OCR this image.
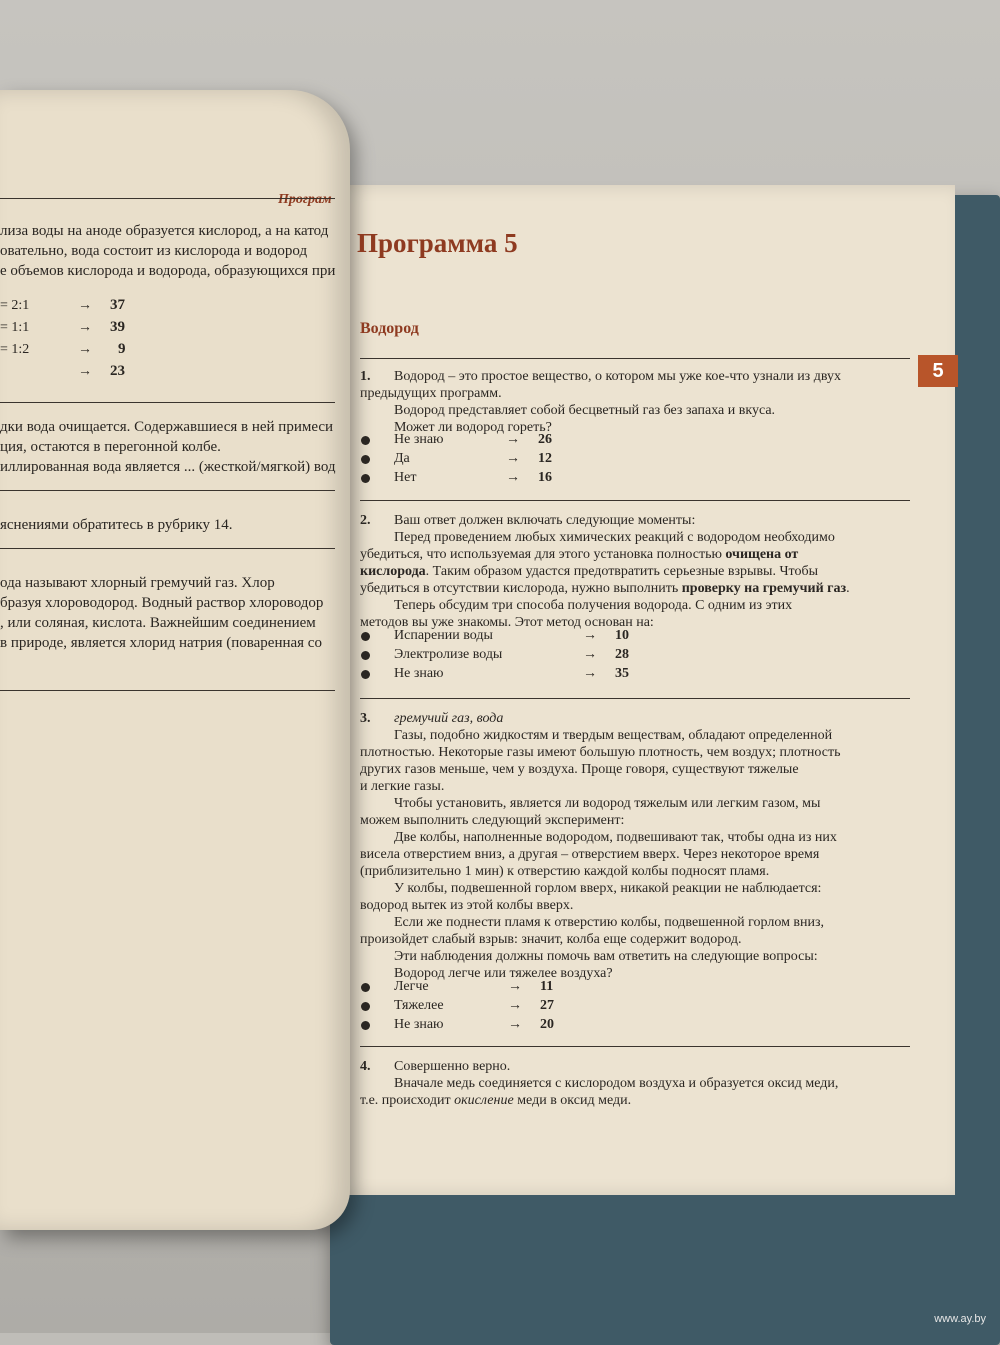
Програм
лиза воды на аноде образуется кислород, а на катод
овательно, вода состоит из кислорода и водород
е объемов кислорода и водорода, образующихся при
= 2:1	→ 37
= 1:1	→ 39
= 1:2	→ 9
→ 23
дки вода очищается. Содержавшиеся в ней примеси
ция, остаются в перегонной колбе.
иллированная вода является ... (жесткой/мягкой) вод
яснениями обратитесь в рубрику 14.
ода называют хлорный гремучий газ. Хлор
бразуя хлороводород. Водный раствор хлороводор
, или соляная, кислота. Важнейшим соединением
в природе, является хлорид натрия (поваренная со
Программа 5
Водород
5
1. Водород – это простое вещество, о котором мы уже кое-что узнали из двух
предыдущих программ.
Водород представляет собой бесцветный газ без запаха и вкуса.
Может ли водород гореть?
Не знаю	→ 26
Да	→ 12
Нет	→ 16
2. Ваш ответ должен включать следующие моменты:
Перед проведением любых химических реакций с водородом необходимо
убедиться, что используемая для этого установка полностью очищена от
кислорода. Таким образом удастся предотвратить серьезные взрывы. Чтобы
убедиться в отсутствии кислорода, нужно выполнить проверку на гремучий газ.
Теперь обсудим три способа получения водорода. С одним из этих
методов вы уже знакомы. Этот метод основан на:
Испарении воды	→ 10
Электролизе воды	→ 28
Не знаю	→ 35
3. гремучий газ, вода
Газы, подобно жидкостям и твердым веществам, обладают определенной
плотностью. Некоторые газы имеют большую плотность, чем воздух; плотность
других газов меньше, чем у воздуха. Проще говоря, существуют тяжелые
и легкие газы.
Чтобы установить, является ли водород тяжелым или легким газом, мы
можем выполнить следующий эксперимент:
Две колбы, наполненные водородом, подвешивают так, чтобы одна из них
висела отверстием вниз, а другая – отверстием вверх. Через некоторое время
(приблизительно 1 мин) к отверстию каждой колбы подносят пламя.
У колбы, подвешенной горлом вверх, никакой реакции не наблюдается:
водород вытек из этой колбы вверх.
Если же поднести пламя к отверстию колбы, подвешенной горлом вниз,
произойдет слабый взрыв: значит, колба еще содержит водород.
Эти наблюдения должны помочь вам ответить на следующие вопросы:
Водород легче или тяжелее воздуха?
Легче	→ 11
Тяжелее	→ 27
Не знаю	→ 20
4. Совершенно верно.
Вначале медь соединяется с кислородом воздуха и образуется оксид меди,
т.е. происходит окисление меди в оксид меди.
www.ay.by
